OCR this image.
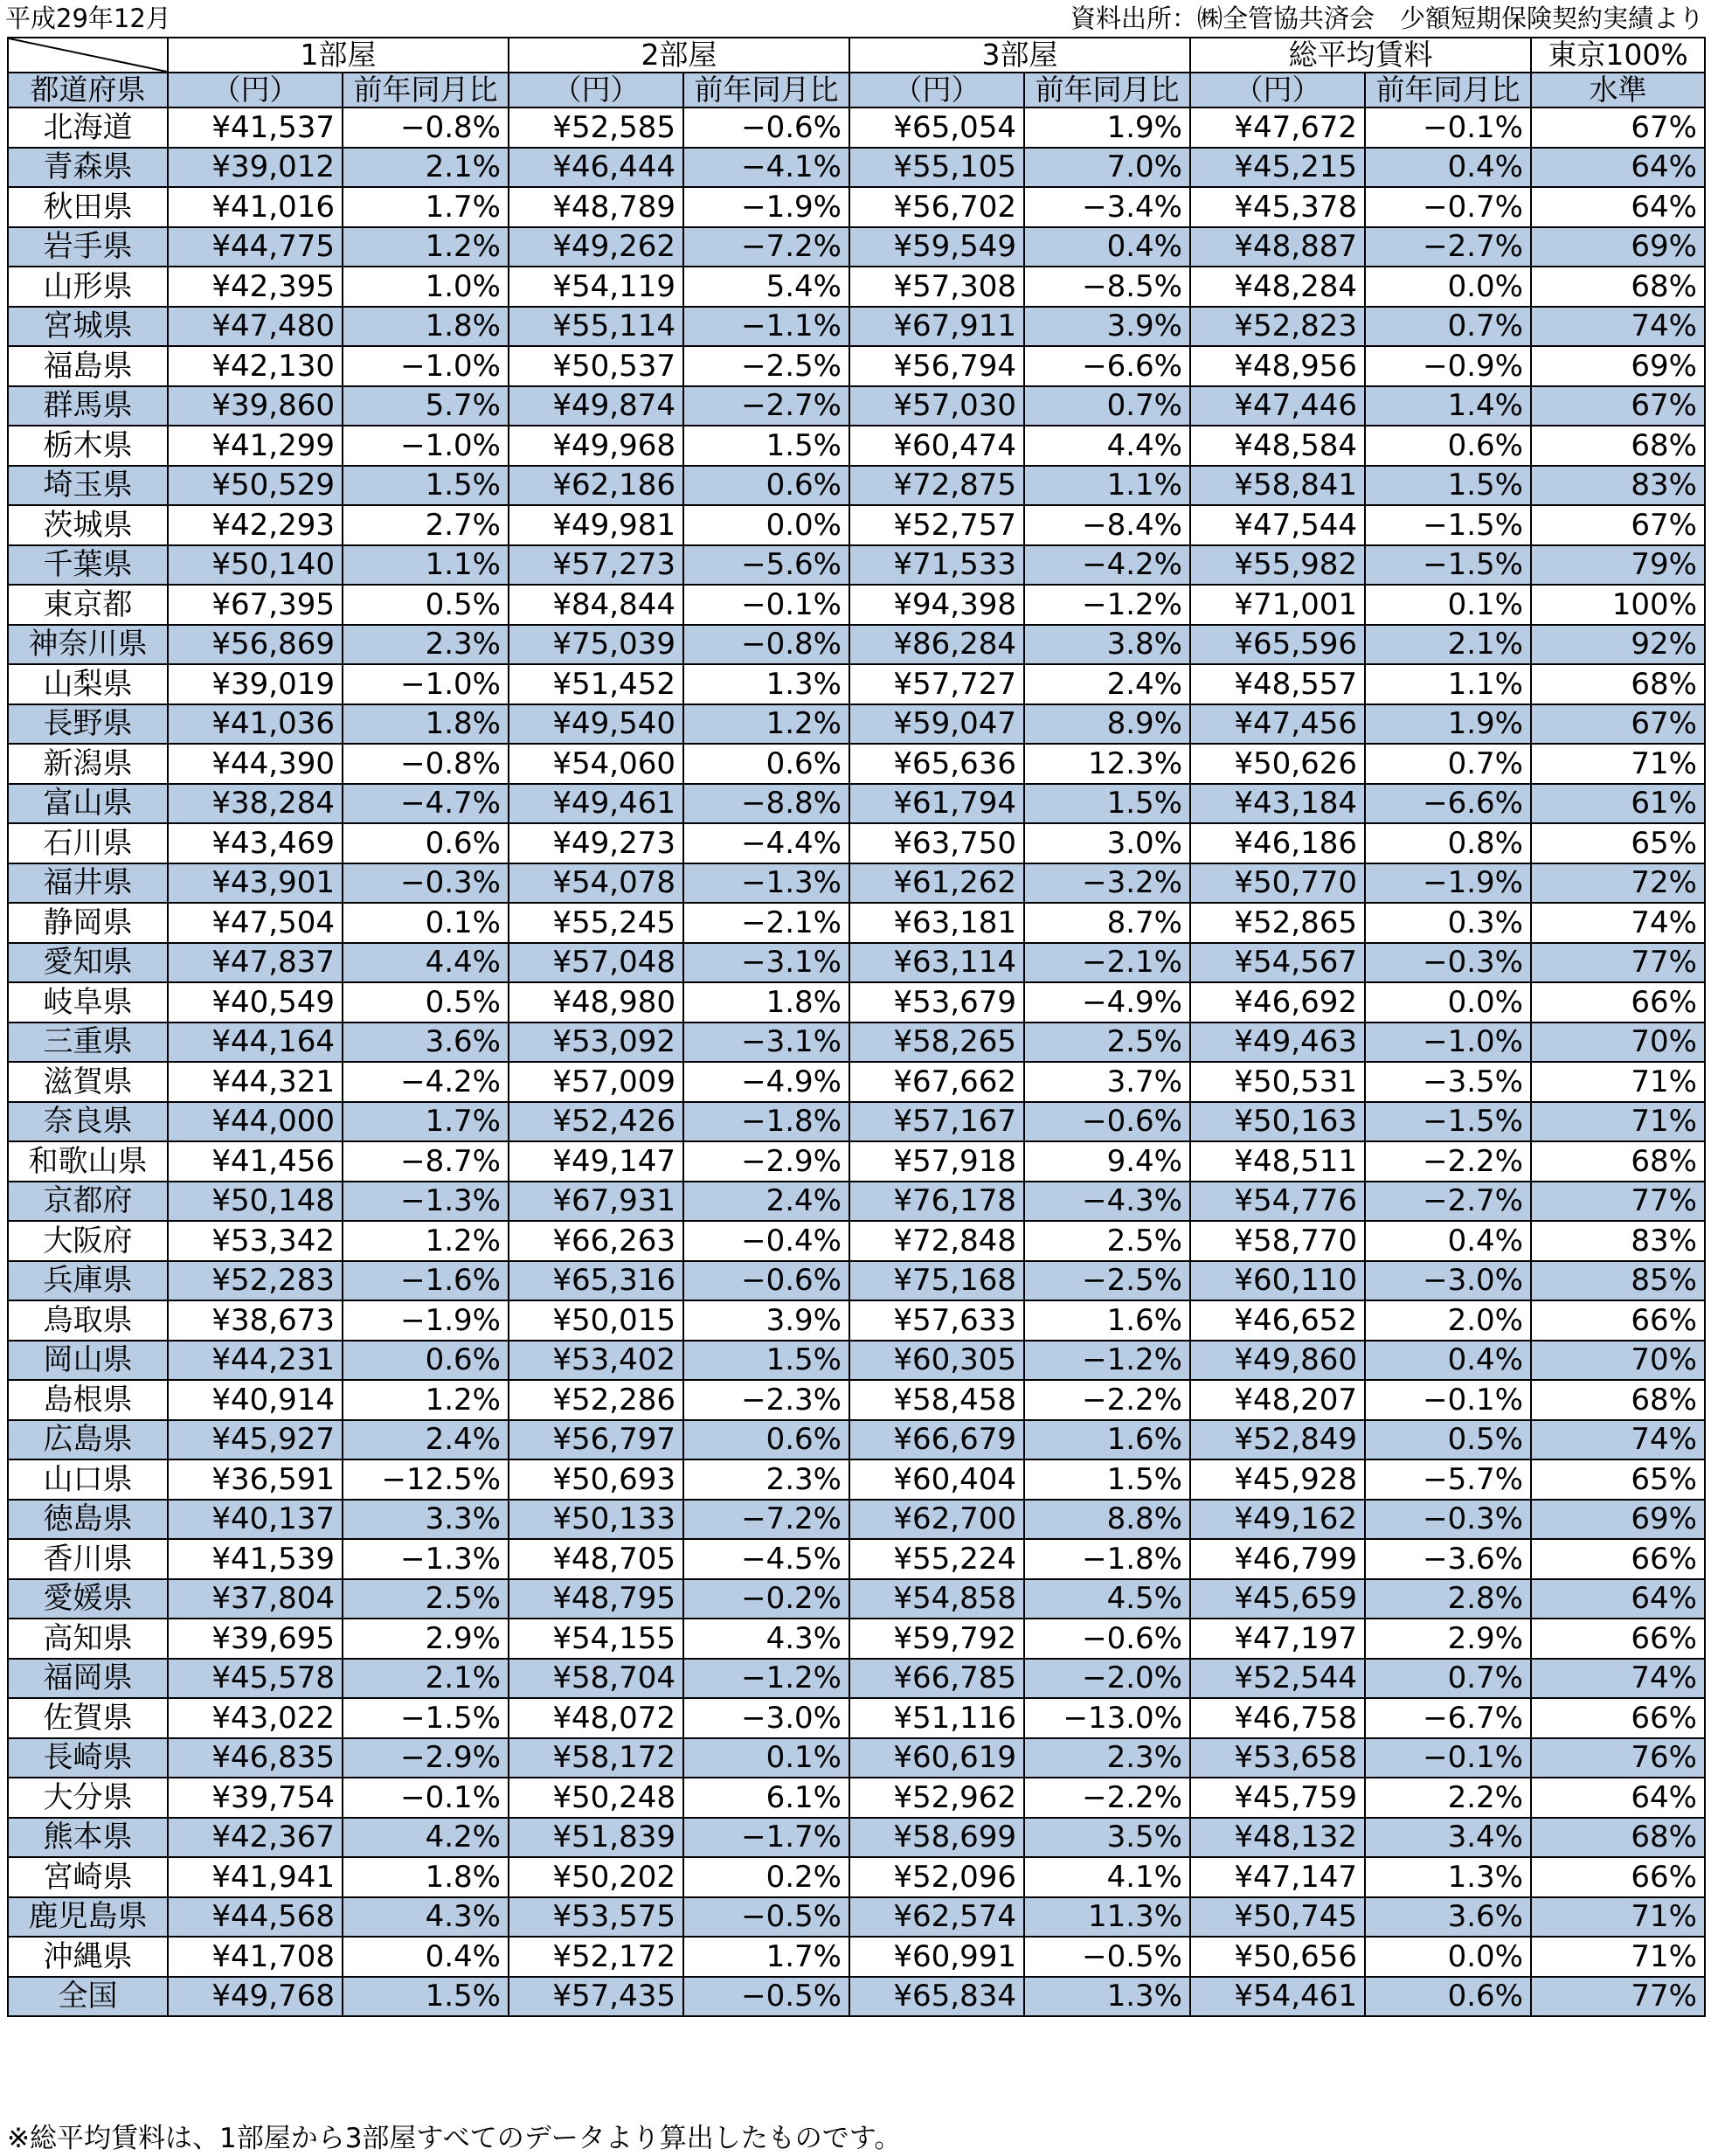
平成29年12月	資料出所：㈱全管協共済会　少額短期保険契約実績より
	1部屋		2部屋		3部屋		総平均賃料		東京100%
都道府県	（円）	前年同月比	（円）	前年同月比	（円）	前年同月比	（円）	前年同月比	水準
北海道	¥41,537	−0.8%	¥52,585	−0.6%	¥65,054	1.9%	¥47,672	−0.1%	67%
青森県	¥39,012	2.1%	¥46,444	−4.1%	¥55,105	7.0%	¥45,215	0.4%	64%
秋田県	¥41,016	1.7%	¥48,789	−1.9%	¥56,702	−3.4%	¥45,378	−0.7%	64%
岩手県	¥44,775	1.2%	¥49,262	−7.2%	¥59,549	0.4%	¥48,887	−2.7%	69%
山形県	¥42,395	1.0%	¥54,119	5.4%	¥57,308	−8.5%	¥48,284	0.0%	68%
宮城県	¥47,480	1.8%	¥55,114	−1.1%	¥67,911	3.9%	¥52,823	0.7%	74%
福島県	¥42,130	−1.0%	¥50,537	−2.5%	¥56,794	−6.6%	¥48,956	−0.9%	69%
群馬県	¥39,860	5.7%	¥49,874	−2.7%	¥57,030	0.7%	¥47,446	1.4%	67%
栃木県	¥41,299	−1.0%	¥49,968	1.5%	¥60,474	4.4%	¥48,584	0.6%	68%
埼玉県	¥50,529	1.5%	¥62,186	0.6%	¥72,875	1.1%	¥58,841	1.5%	83%
茨城県	¥42,293	2.7%	¥49,981	0.0%	¥52,757	−8.4%	¥47,544	−1.5%	67%
千葉県	¥50,140	1.1%	¥57,273	−5.6%	¥71,533	−4.2%	¥55,982	−1.5%	79%
東京都	¥67,395	0.5%	¥84,844	−0.1%	¥94,398	−1.2%	¥71,001	0.1%	100%
神奈川県	¥56,869	2.3%	¥75,039	−0.8%	¥86,284	3.8%	¥65,596	2.1%	92%
山梨県	¥39,019	−1.0%	¥51,452	1.3%	¥57,727	2.4%	¥48,557	1.1%	68%
長野県	¥41,036	1.8%	¥49,540	1.2%	¥59,047	8.9%	¥47,456	1.9%	67%
新潟県	¥44,390	−0.8%	¥54,060	0.6%	¥65,636	12.3%	¥50,626	0.7%	71%
富山県	¥38,284	−4.7%	¥49,461	−8.8%	¥61,794	1.5%	¥43,184	−6.6%	61%
石川県	¥43,469	0.6%	¥49,273	−4.4%	¥63,750	3.0%	¥46,186	0.8%	65%
福井県	¥43,901	−0.3%	¥54,078	−1.3%	¥61,262	−3.2%	¥50,770	−1.9%	72%
静岡県	¥47,504	0.1%	¥55,245	−2.1%	¥63,181	8.7%	¥52,865	0.3%	74%
愛知県	¥47,837	4.4%	¥57,048	−3.1%	¥63,114	−2.1%	¥54,567	−0.3%	77%
岐阜県	¥40,549	0.5%	¥48,980	1.8%	¥53,679	−4.9%	¥46,692	0.0%	66%
三重県	¥44,164	3.6%	¥53,092	−3.1%	¥58,265	2.5%	¥49,463	−1.0%	70%
滋賀県	¥44,321	−4.2%	¥57,009	−4.9%	¥67,662	3.7%	¥50,531	−3.5%	71%
奈良県	¥44,000	1.7%	¥52,426	−1.8%	¥57,167	−0.6%	¥50,163	−1.5%	71%
和歌山県	¥41,456	−8.7%	¥49,147	−2.9%	¥57,918	9.4%	¥48,511	−2.2%	68%
京都府	¥50,148	−1.3%	¥67,931	2.4%	¥76,178	−4.3%	¥54,776	−2.7%	77%
大阪府	¥53,342	1.2%	¥66,263	−0.4%	¥72,848	2.5%	¥58,770	0.4%	83%
兵庫県	¥52,283	−1.6%	¥65,316	−0.6%	¥75,168	−2.5%	¥60,110	−3.0%	85%
鳥取県	¥38,673	−1.9%	¥50,015	3.9%	¥57,633	1.6%	¥46,652	2.0%	66%
岡山県	¥44,231	0.6%	¥53,402	1.5%	¥60,305	−1.2%	¥49,860	0.4%	70%
島根県	¥40,914	1.2%	¥52,286	−2.3%	¥58,458	−2.2%	¥48,207	−0.1%	68%
広島県	¥45,927	2.4%	¥56,797	0.6%	¥66,679	1.6%	¥52,849	0.5%	74%
山口県	¥36,591	−12.5%	¥50,693	2.3%	¥60,404	1.5%	¥45,928	−5.7%	65%
徳島県	¥40,137	3.3%	¥50,133	−7.2%	¥62,700	8.8%	¥49,162	−0.3%	69%
香川県	¥41,539	−1.3%	¥48,705	−4.5%	¥55,224	−1.8%	¥46,799	−3.6%	66%
愛媛県	¥37,804	2.5%	¥48,795	−0.2%	¥54,858	4.5%	¥45,659	2.8%	64%
高知県	¥39,695	2.9%	¥54,155	4.3%	¥59,792	−0.6%	¥47,197	2.9%	66%
福岡県	¥45,578	2.1%	¥58,704	−1.2%	¥66,785	−2.0%	¥52,544	0.7%	74%
佐賀県	¥43,022	−1.5%	¥48,072	−3.0%	¥51,116	−13.0%	¥46,758	−6.7%	66%
長崎県	¥46,835	−2.9%	¥58,172	0.1%	¥60,619	2.3%	¥53,658	−0.1%	76%
大分県	¥39,754	−0.1%	¥50,248	6.1%	¥52,962	−2.2%	¥45,759	2.2%	64%
熊本県	¥42,367	4.2%	¥51,839	−1.7%	¥58,699	3.5%	¥48,132	3.4%	68%
宮崎県	¥41,941	1.8%	¥50,202	0.2%	¥52,096	4.1%	¥47,147	1.3%	66%
鹿児島県	¥44,568	4.3%	¥53,575	−0.5%	¥62,574	11.3%	¥50,745	3.6%	71%
沖縄県	¥41,708	0.4%	¥52,172	1.7%	¥60,991	−0.5%	¥50,656	0.0%	71%
全国	¥49,768	1.5%	¥57,435	−0.5%	¥65,834	1.3%	¥54,461	0.6%	77%
※総平均賃料は、1部屋から3部屋すべてのデータより算出したものです。
